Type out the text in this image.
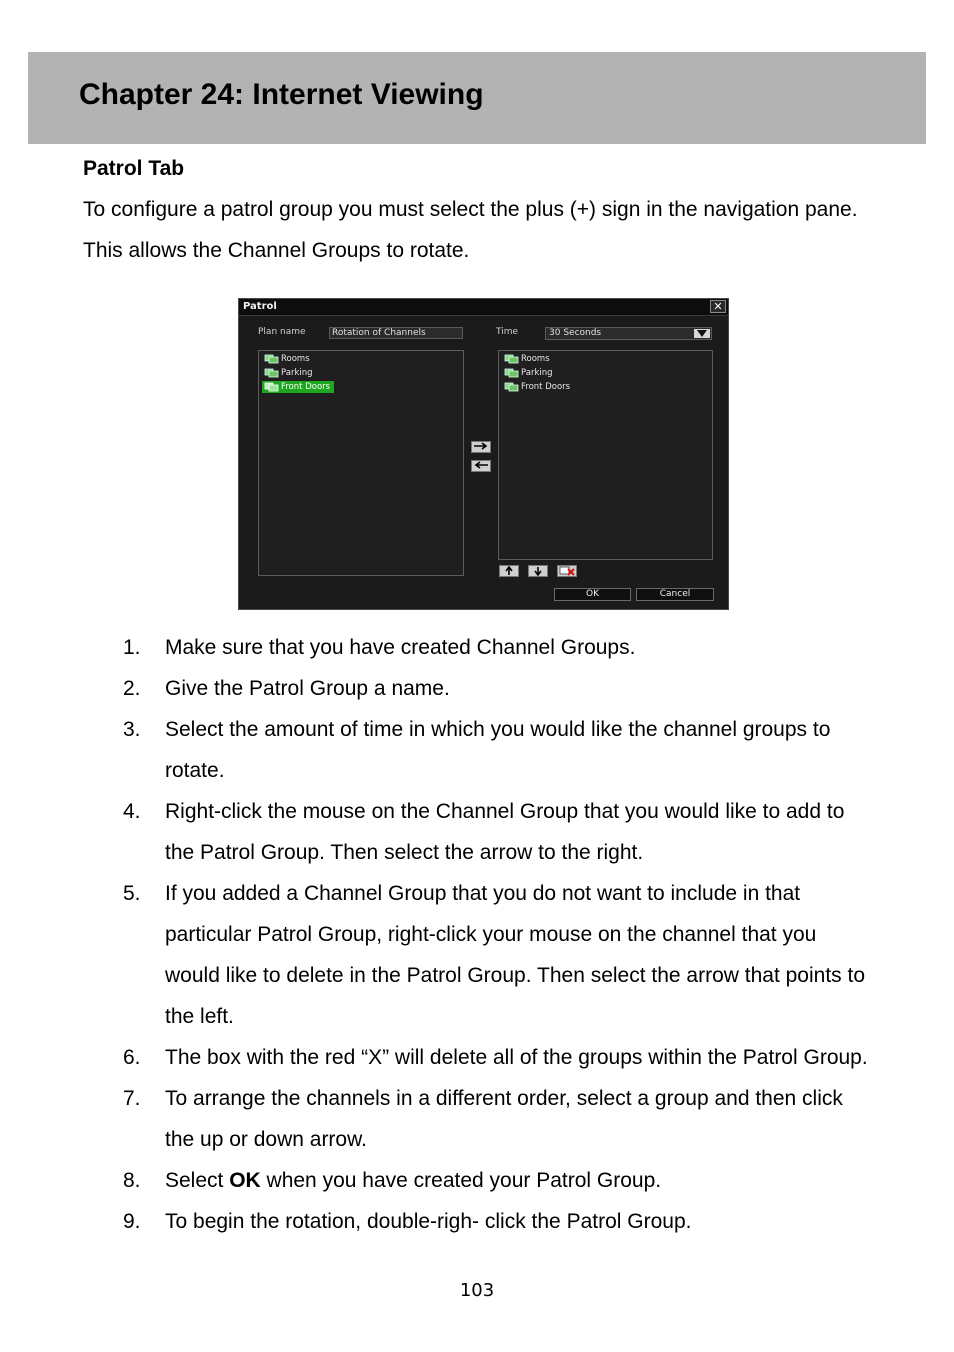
Chapter 24: Internet Viewing
Patrol Tab

To configure a patrol group you must select the plus (+) sign in the navigation pane. This allows the Channel Groups to rotate.

Patrol	✕
Plan name	Rotation of Channels	Time	30 Seconds
Rooms
Parking
Front Doors
Rooms
Parking
Front Doors
OK	Cancel
1. Make sure that you have created Channel Groups.
2. Give the Patrol Group a name.
3. Select the amount of time in which you would like the channel groups to rotate.
4. Right-click the mouse on the Channel Group that you would like to add to the Patrol Group. Then select the arrow to the right.
5. If you added a Channel Group that you do not want to include in that particular Patrol Group, right-click your mouse on the channel that you would like to delete in the Patrol Group. Then select the arrow that points to the left.
6. The box with the red “X” will delete all of the groups within the Patrol Group.
7. To arrange the channels in a different order, select a group and then click the up or down arrow.
8. Select OK when you have created your Patrol Group.
9. To begin the rotation, double-righ- click the Patrol Group.
103
